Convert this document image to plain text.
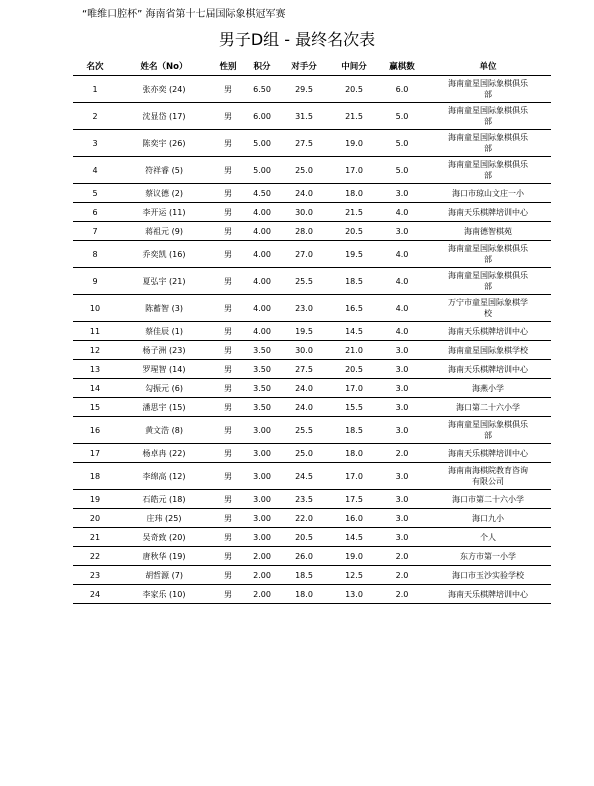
“唯维口腔杯” 海南省第十七届国际象棋冠军赛
男子D组 - 最终名次表
名次	姓名（No）	性别	积分	对手分	中间分	赢棋数	单位
1	张亦奕 (24)	男	6.50	29.5	20.5	6.0	海南童星国际象棋俱乐部

2	沈显岱 (17)	男	6.00	31.5	21.5	5.0	海南童星国际象棋俱乐部

3	陈奕宇 (26)	男	5.00	27.5	19.0	5.0	海南童星国际象棋俱乐部

4	符祥睿 (5)	男	5.00	25.0	17.0	5.0	海南童星国际象棋俱乐部

5	蔡议德 (2)	男	4.50	24.0	18.0	3.0	海口市琼山文庄一小

6	李开运 (11)	男	4.00	30.0	21.5	4.0	海南天乐棋牌培训中心

7	蒋祖元 (9)	男	4.00	28.0	20.5	3.0	海南德智棋苑

8	乔奕凯 (16)	男	4.00	27.0	19.5	4.0	海南童星国际象棋俱乐部

9	夏弘宇 (21)	男	4.00	25.5	18.5	4.0	海南童星国际象棋俱乐部

10	陈蓄智 (3)	男	4.00	23.0	16.5	4.0	万宁市童星国际象棋学校

11	蔡佳辰 (1)	男	4.00	19.5	14.5	4.0	海南天乐棋牌培训中心

12	杨子洲 (23)	男	3.50	30.0	21.0	3.0	海南童星国际象棋学校

13	罗瑆智 (14)	男	3.50	27.5	20.5	3.0	海南天乐棋牌培训中心

14	勾振元 (6)	男	3.50	24.0	17.0	3.0	海燕小学

15	潘思宇 (15)	男	3.50	24.0	15.5	3.0	海口第二十六小学

16	黄文浩 (8)	男	3.00	25.5	18.5	3.0	海南童星国际象棋俱乐部

17	杨卓冉 (22)	男	3.00	25.0	18.0	2.0	海南天乐棋牌培训中心

18	李绵高 (12)	男	3.00	24.5	17.0	3.0	海南南海棋院教育咨询有限公司

19	石皓元 (18)	男	3.00	23.5	17.5	3.0	海口市第二十六小学

20	庄玮 (25)	男	3.00	22.0	16.0	3.0	海口九小

21	吴奇致 (20)	男	3.00	20.5	14.5	3.0	个人

22	唐秋华 (19)	男	2.00	26.0	19.0	2.0	东方市第一小学

23	胡哲源 (7)	男	2.00	18.5	12.5	2.0	海口市玉沙实验学校

24	李家乐 (10)	男	2.00	18.0	13.0	2.0	海南天乐棋牌培训中心
